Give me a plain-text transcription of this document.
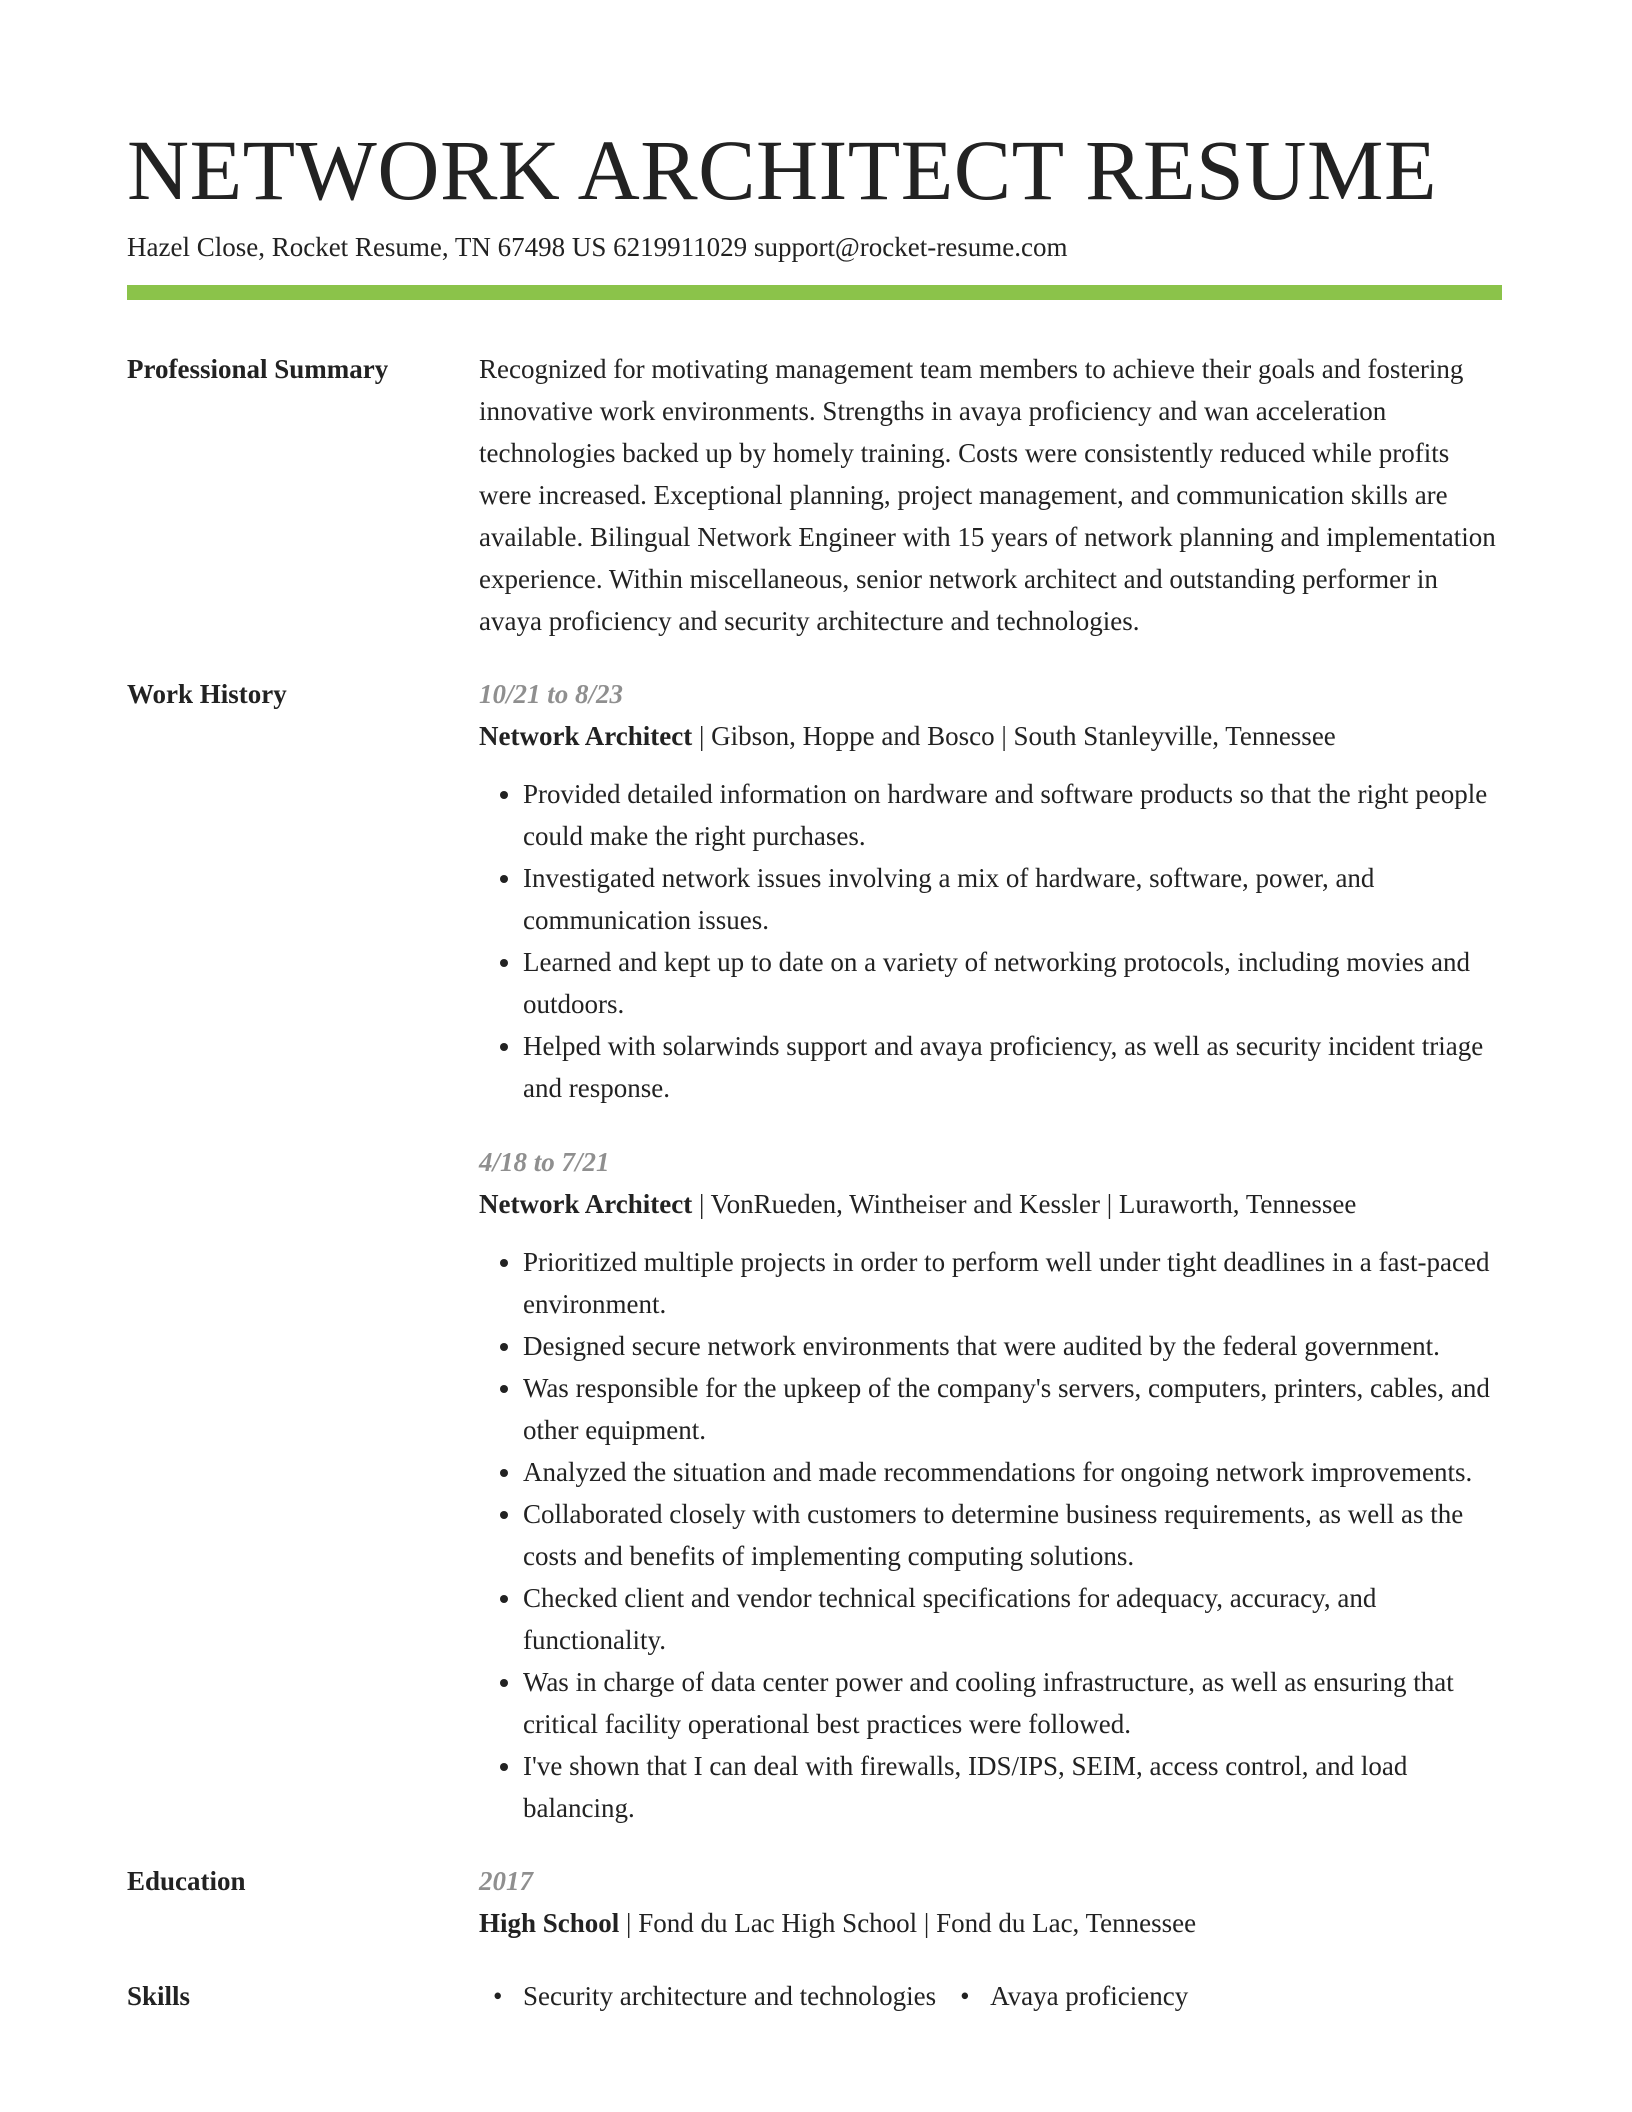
NETWORK ARCHITECT RESUME
Hazel Close, Rocket Resume, TN 67498 US 6219911029 support@rocket-resume.com
Professional Summary	Recognized for motivating management team members to achieve their goals and fostering innovative work environments. Strengths in avaya proficiency and wan acceleration technologies backed up by homely training. Costs were consistently reduced while profits were increased. Exceptional planning, project management, and communication skills are available. Bilingual Network Engineer with 15 years of network planning and implementation experience. Within miscellaneous, senior network architect and outstanding performer in avaya proficiency and security architecture and technologies.
Work History	10/21 to 8/23
Network Architect | Gibson, Hoppe and Bosco | South Stanleyville, Tennessee
• Provided detailed information on hardware and software products so that the right people could make the right purchases.
• Investigated network issues involving a mix of hardware, software, power, and communication issues.
• Learned and kept up to date on a variety of networking protocols, including movies and outdoors.
• Helped with solarwinds support and avaya proficiency, as well as security incident triage and response.
4/18 to 7/21
Network Architect | VonRueden, Wintheiser and Kessler | Luraworth, Tennessee
• Prioritized multiple projects in order to perform well under tight deadlines in a fast-paced environment.
• Designed secure network environments that were audited by the federal government.
• Was responsible for the upkeep of the company's servers, computers, printers, cables, and other equipment.
• Analyzed the situation and made recommendations for ongoing network improvements.
• Collaborated closely with customers to determine business requirements, as well as the costs and benefits of implementing computing solutions.
• Checked client and vendor technical specifications for adequacy, accuracy, and functionality.
• Was in charge of data center power and cooling infrastructure, as well as ensuring that critical facility operational best practices were followed.
• I've shown that I can deal with firewalls, IDS/IPS, SEIM, access control, and load balancing.
Education	2017
High School | Fond du Lac High School | Fond du Lac, Tennessee
Skills	• Security architecture and technologies	• Avaya proficiency
